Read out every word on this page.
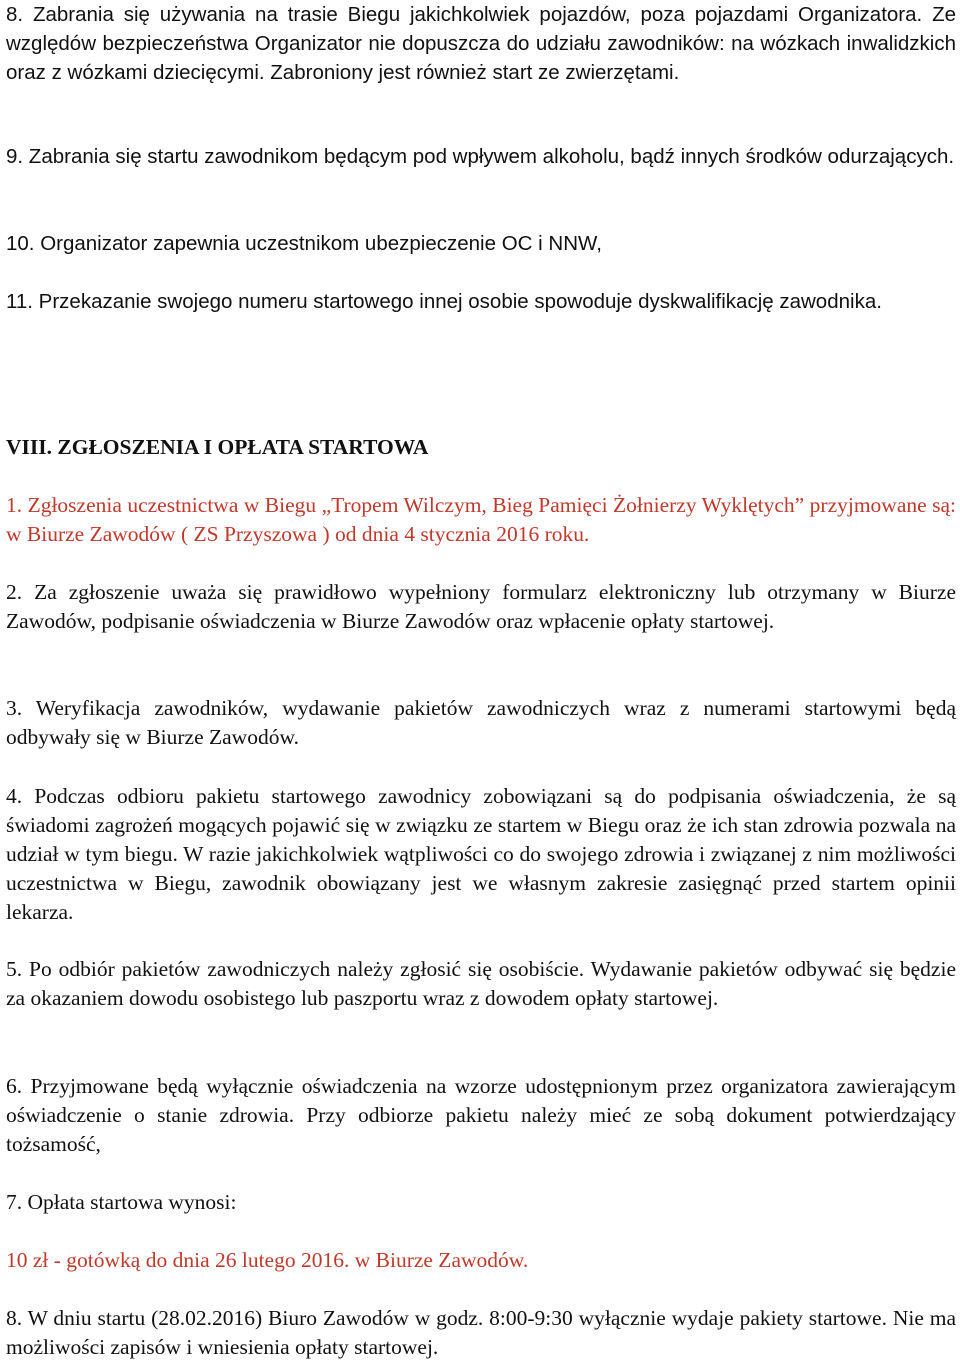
8. Zabrania się używania na trasie Biegu jakichkolwiek pojazdów, poza pojazdami Organizatora. Ze względów bezpieczeństwa Organizator nie dopuszcza do udziału zawodników: na wózkach inwalidzkich oraz z wózkami dziecięcymi. Zabroniony jest również start ze zwierzętami.

9. Zabrania się startu zawodnikom będącym pod wpływem alkoholu, bądź innych środków odurzających.

10. Organizator zapewnia uczestnikom ubezpieczenie OC i NNW,

11. Przekazanie swojego numeru startowego innej osobie spowoduje dyskwalifikację zawodnika.

VIII. ZGŁOSZENIA I OPŁATA STARTOWA

1. Zgłoszenia uczestnictwa w Biegu „Tropem Wilczym, Bieg Pamięci Żołnierzy Wyklętych” przyjmowane są: w Biurze Zawodów ( ZS Przyszowa ) od dnia 4 stycznia 2016 roku.

2. Za zgłoszenie uważa się prawidłowo wypełniony formularz elektroniczny lub otrzymany w Biurze Zawodów, podpisanie oświadczenia w Biurze Zawodów oraz wpłacenie opłaty startowej.

3. Weryfikacja zawodników, wydawanie pakietów zawodniczych wraz z numerami startowymi będą odbywały się w Biurze Zawodów.

4. Podczas odbioru pakietu startowego zawodnicy zobowiązani są do podpisania oświadczenia, że są świadomi zagrożeń mogących pojawić się w związku ze startem w Biegu oraz że ich stan zdrowia pozwala na udział w tym biegu. W razie jakichkolwiek wątpliwości co do swojego zdrowia i związanej z nim możliwości uczestnictwa w Biegu, zawodnik obowiązany jest we własnym zakresie zasięgnąć przed startem opinii lekarza.

5. Po odbiór pakietów zawodniczych należy zgłosić się osobiście. Wydawanie pakietów odbywać się będzie za okazaniem dowodu osobistego lub paszportu wraz z dowodem opłaty startowej.

6. Przyjmowane będą wyłącznie oświadczenia na wzorze udostępnionym przez organizatora zawierającym oświadczenie o stanie zdrowia. Przy odbiorze pakietu należy mieć ze sobą dokument potwierdzający tożsamość,

7. Opłata startowa wynosi:

10 zł - gotówką do dnia 26 lutego 2016. w Biurze Zawodów.

8. W dniu startu (28.02.2016) Biuro Zawodów w godz. 8:00-9:30 wyłącznie wydaje pakiety startowe. Nie ma możliwości zapisów i wniesienia opłaty startowej.
